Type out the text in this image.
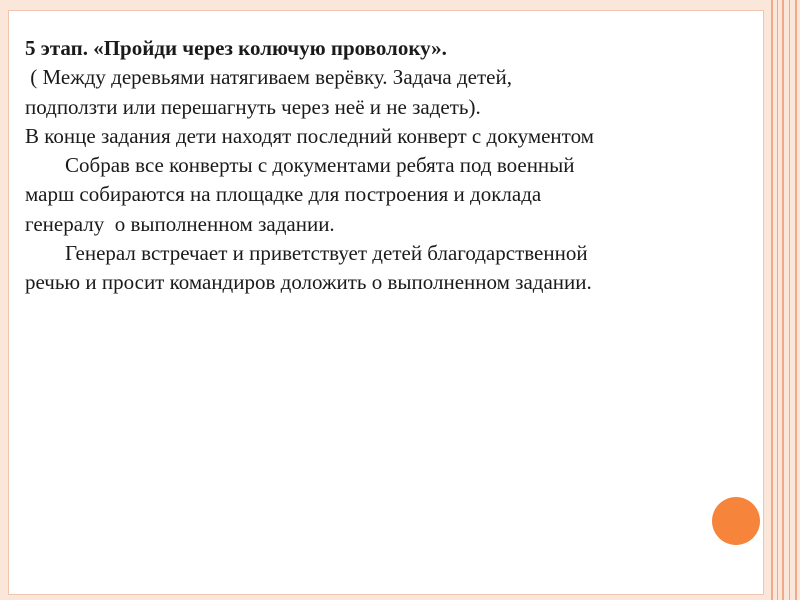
5 этап. «Пройди через колючую проволоку».

( Между деревьями натягиваем верёвку. Задача детей,

подползти или перешагнуть через неё и не задеть).

В конце задания дети находят последний конверт с документом

Собрав все конверты с документами ребята под военный

марш собираются на площадке для построения и доклада

генералу  о выполненном задании.

Генерал встречает и приветствует детей благодарственной

речью и просит командиров доложить о выполненном задании.
